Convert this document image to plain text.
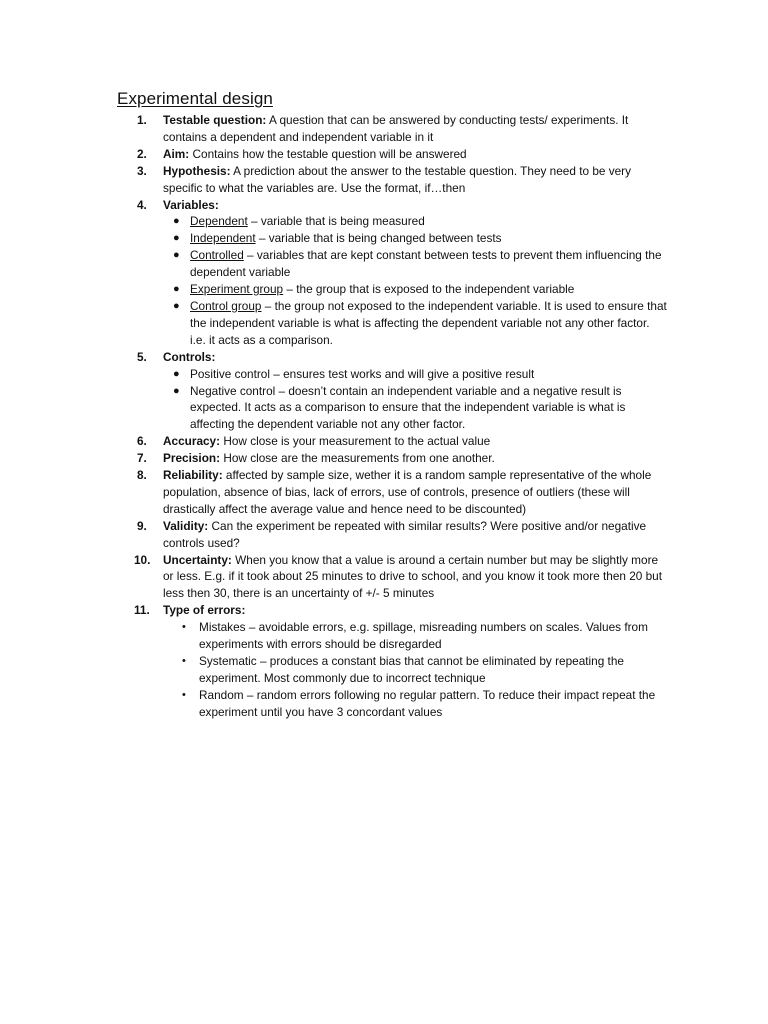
Experimental design
1.	Testable question: A question that can be answered by conducting tests/ experiments. It contains a dependent and independent variable in it
2.	Aim: Contains how the testable question will be answered
3.	Hypothesis: A prediction about the answer to the testable question. They need to be very specific to what the variables are. Use the format, if…then
4.	Variables:
● Dependent – variable that is being measured
● Independent – variable that is being changed between tests
● Controlled – variables that are kept constant between tests to prevent them influencing the dependent variable
● Experiment group – the group that is exposed to the independent variable
● Control group – the group not exposed to the independent variable. It is used to ensure that the independent variable is what is affecting the dependent variable not any other factor. i.e. it acts as a comparison.
5.	Controls:
● Positive control – ensures test works and will give a positive result
● Negative control – doesn’t contain an independent variable and a negative result is expected. It acts as a comparison to ensure that the independent variable is what is affecting the dependent variable not any other factor.
6.	Accuracy: How close is your measurement to the actual value
7.	Precision: How close are the measurements from one another.
8.	Reliability: affected by sample size, wether it is a random sample representative of the whole population, absence of bias, lack of errors, use of controls, presence of outliers (these will drastically affect the average value and hence need to be discounted)
9.	Validity: Can the experiment be repeated with similar results? Were positive and/or negative controls used?
10.	Uncertainty: When you know that a value is around a certain number but may be slightly more or less. E.g. if it took about 25 minutes to drive to school, and you know it took more then 20 but less then 30, there is an uncertainty of +/- 5 minutes
11.	Type of errors:
• Mistakes – avoidable errors, e.g. spillage, misreading numbers on scales. Values from experiments with errors should be disregarded
• Systematic – produces a constant bias that cannot be eliminated by repeating the experiment. Most commonly due to incorrect technique
• Random – random errors following no regular pattern. To reduce their impact repeat the experiment until you have 3 concordant values
